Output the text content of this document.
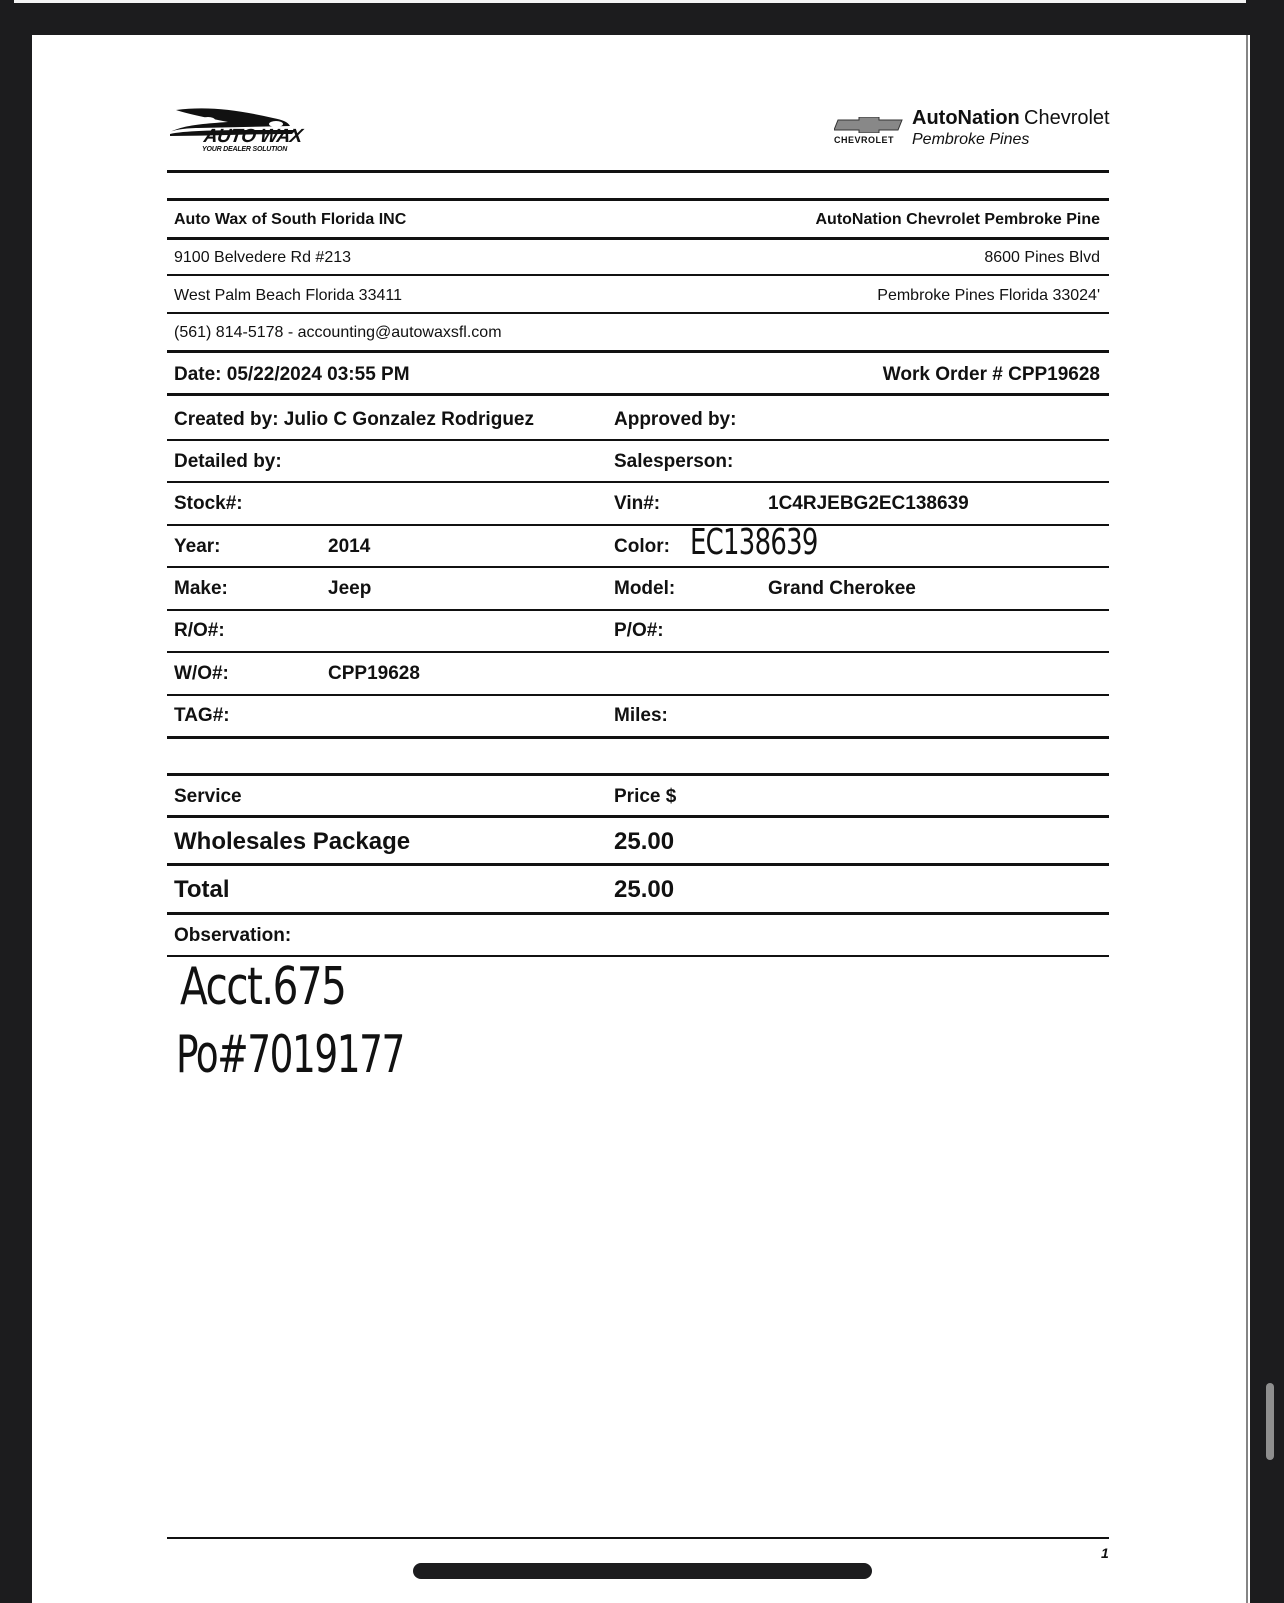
AUTO WAX
YOUR DEALER SOLUTION
CHEVROLET
AutoNation Chevrolet
Pembroke Pines
Auto Wax of South Florida INC	AutoNation Chevrolet Pembroke Pine
9100 Belvedere Rd #213	8600 Pines Blvd
West Palm Beach Florida 33411	Pembroke Pines Florida 33024'
(561) 814-5178 - accounting@autowaxsfl.com
Date: 05/22/2024 03:55 PM	Work Order # CPP19628
Created by: Julio C Gonzalez Rodriguez	Approved by:
Detailed by:	Salesperson:
Stock#:	Vin#:	1C4RJEBG2EC138639
Year:	2014	Color: EC138639
Make:	Jeep	Model:	Grand Cherokee
R/O#:	P/O#:
W/O#:	CPP19628
TAG#:	Miles:
Service	Price $
Wholesales Package	25.00
Total	25.00
Observation:
Acct.675
Po#7019177
1
